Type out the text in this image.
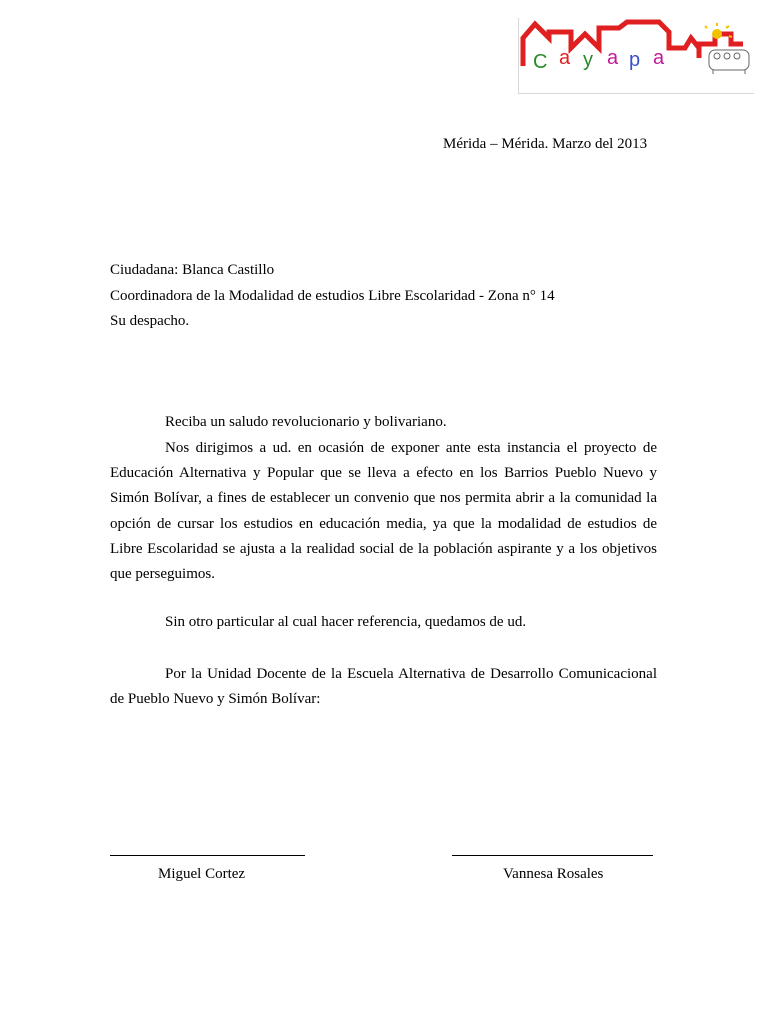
C a y a p a
Mérida – Mérida. Marzo del 2013
Ciudadana: Blanca Castillo
Coordinadora de la Modalidad de estudios Libre Escolaridad - Zona n° 14
Su despacho.
Reciba un saludo revolucionario y bolivariano.

Nos dirigimos a ud. en ocasión de exponer ante esta instancia el proyecto de Educación Alternativa y Popular que se lleva a efecto en los Barrios Pueblo Nuevo y Simón Bolívar, a fines de establecer un convenio que nos permita abrir a la comunidad la opción de cursar los estudios en educación media, ya que la modalidad de estudios de Libre Escolaridad se ajusta a la realidad social de la población aspirante y a los objetivos que perseguimos.

Sin otro particular al cual hacer referencia, quedamos de ud.

Por la Unidad Docente de la Escuela Alternativa de Desarrollo Comunicacional de Pueblo Nuevo y Simón Bolívar:

Miguel Cortez	Vannesa Rosales
